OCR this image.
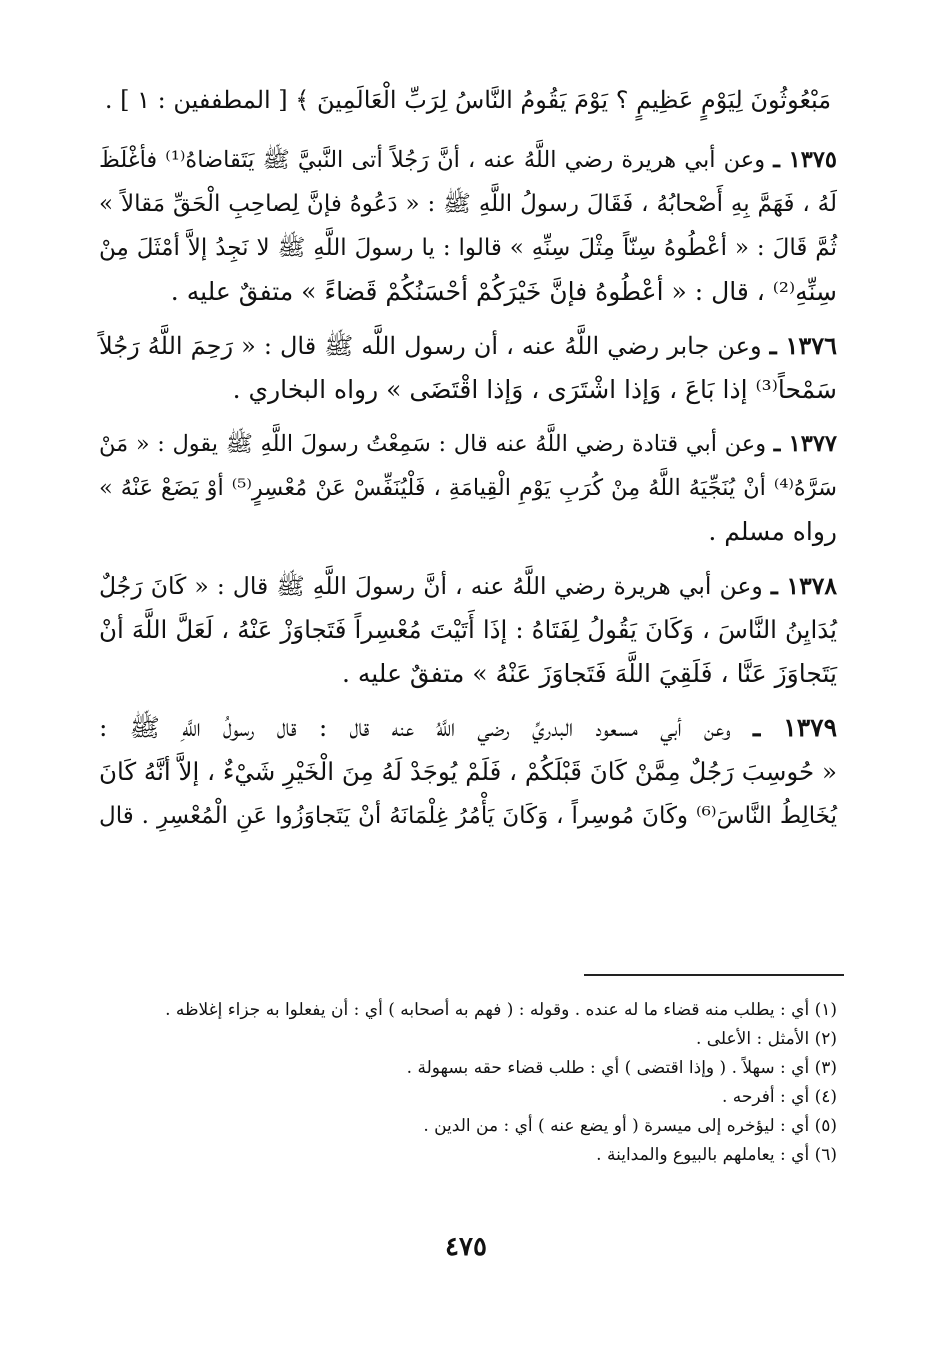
مَبْعُوثُونَ لِيَوْمٍ عَظِيمٍ ؟ يَوْمَ يَقُومُ النَّاسُ لِرَبِّ الْعَالَمِينَ ﴾ [ المطففين : ١ ] .

١٣٧٥ ـ وعن أبي هريرة رضي اللَّهُ عنه ، أنَّ رَجُلاً أتى النَّبيَّ ﷺ يَتَقاضاهُ⁽¹⁾ فأغْلَظَ
لَهُ ، فَهَمَّ بِهِ أَصْحابُهُ ، فَقَالَ رسولُ اللَّهِ ﷺ : « دَعُوهُ فإنَّ لِصاحِبِ الْحَقِّ مَقالاً »
ثُمَّ قَالَ : « أعْطُوهُ سِنّاً مِثْلَ سِنِّهِ » قالوا : يا رسولَ اللَّهِ ﷺ لا نَجِدُ إلاَّ أمْثَلَ مِنْ
سِنِّهِ⁽²⁾ ، قال : « أعْطُوهُ فإنَّ خَيْرَكُمْ أحْسَنُكُمْ قَضاءً » متفقٌ عليه .

١٣٧٦ ـ وعن جابر رضي اللَّهُ عنه ، أن رسول اللَّه ﷺ قال : « رَحِمَ اللَّهُ رَجُلاً
سَمْحاً⁽³⁾ إذا بَاعَ ، وَإذا اشْتَرَى ، وَإذا اقْتَضَى » رواه البخاري .

١٣٧٧ ـ وعن أبي قتادة رضي اللَّهُ عنه قال : سَمِعْتُ رسولَ اللَّهِ ﷺ يقول : « مَنْ
سَرَّهُ⁽⁴⁾ أنْ يُنَجِّيَهُ اللَّهُ مِنْ كُرَبِ يَوْمِ الْقِيامَةِ ، فَلْيُنَفِّسْ عَنْ مُعْسِرٍ⁽⁵⁾ أوْ يَضَعْ عَنْهُ »
رواه مسلم .

١٣٧٨ ـ وعن أبي هريرة رضي اللَّهُ عنه ، أنَّ رسولَ اللَّهِ ﷺ قال : « كَانَ رَجُلٌ
يُدَايِنُ النَّاسَ ، وَكَانَ يَقُولُ لِفَتَاهُ : إذَا أَتَيْتَ مُعْسِراً فَتَجاوَزْ عَنْهُ ، لَعَلَّ اللَّهَ أنْ
يَتَجاوَزَ عَنَّا ، فَلَقِيَ اللَّهَ فَتَجاوَزَ عَنْهُ » متفقٌ عليه .

١٣٧٩ ـ وعن أبي مسعود البدريِّ رضي اللَّهُ عنه قال : قال رسولُ اللَّهِ ﷺ :
« حُوسِبَ رَجُلٌ مِمَّنْ كَانَ قَبْلَكُمْ ، فَلَمْ يُوجَدْ لَهُ مِنَ الْخَيْرِ شَيْءٌ ، إلاَّ أنَّهُ كَانَ
يُخَالِطُ النَّاسَ⁽⁶⁾ وكَانَ مُوسِراً ، وَكَانَ يَأْمُرُ غِلْمَانَهُ أنْ يَتَجاوَزُوا عَنِ الْمُعْسِرِ . قال

(١) أي : يطلب منه قضاء ما له عنده . وقوله : ( فهم به أصحابه ) أي : أن يفعلوا به جزاء إغلاظه .
(٢) الأمثل : الأعلى .
(٣) أي : سهلاً . ( وإذا اقتضى ) أي : طلب قضاء حقه بسهولة .
(٤) أي : أفرحه .
(٥) أي : ليؤخره إلى ميسرة ( أو يضع عنه ) أي : من الدين .
(٦) أي : يعاملهم بالبيوع والمداينة .
٤٧٥
